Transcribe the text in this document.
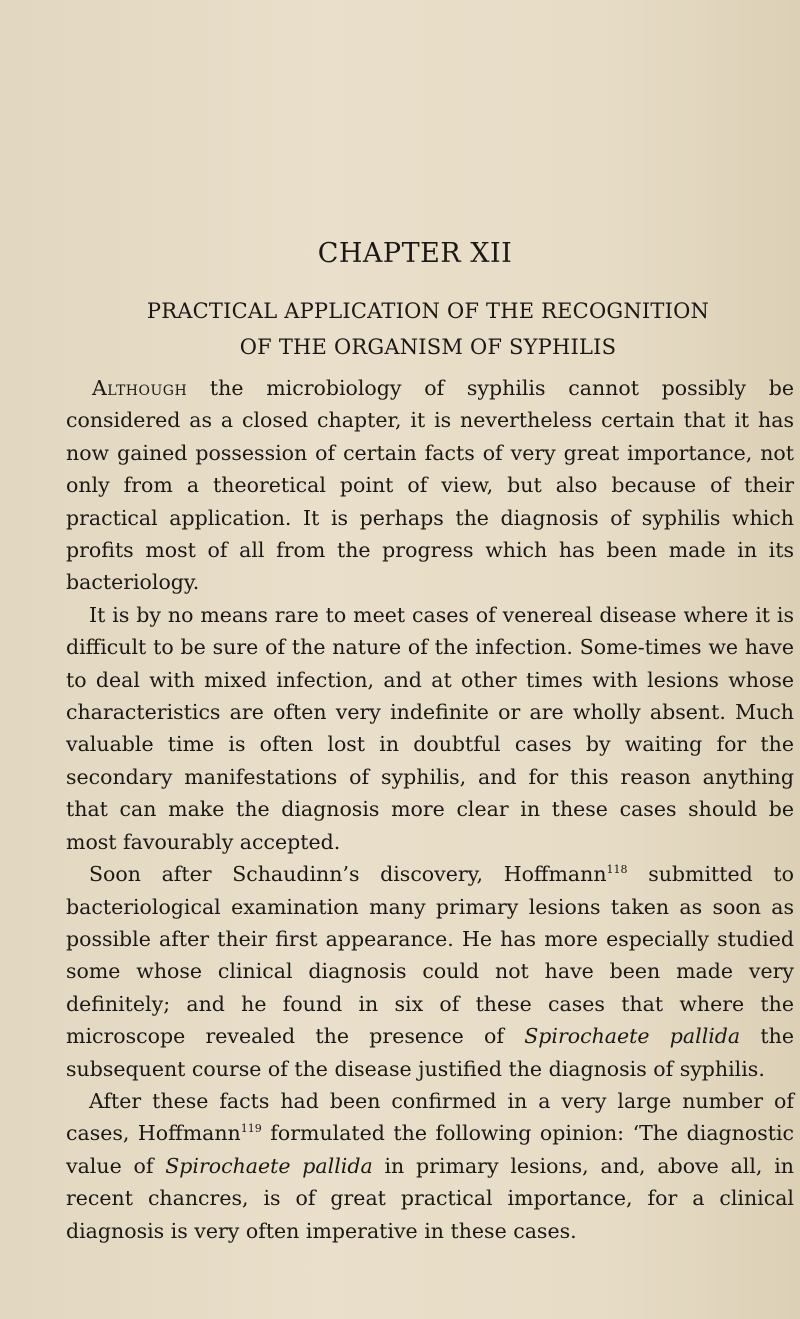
CHAPTER XII
PRACTICAL APPLICATION OF THE RECOGNITION
OF THE ORGANISM OF SYPHILIS

Although the microbiology of syphilis cannot possibly be considered as a closed chapter, it is nevertheless certain that it has now gained possession of certain facts of very great importance, not only from a theoretical point of view, but also because of their practical application. It is perhaps the diagnosis of syphilis which profits most of all from the progress which has been made in its bacteriology.

It is by no means rare to meet cases of venereal disease where it is difficult to be sure of the nature of the infection. Some-times we have to deal with mixed infection, and at other times with lesions whose characteristics are often very indefinite or are wholly absent. Much valuable time is often lost in doubtful cases by waiting for the secondary manifestations of syphilis, and for this reason anything that can make the diagnosis more clear in these cases should be most favourably accepted.

Soon after Schaudinn’s discovery, Hoffmann$^{118}$ submitted to bacteriological examination many primary lesions taken as soon as possible after their first appearance. He has more especially studied some whose clinical diagnosis could not have been made very definitely; and he found in six of these cases that where the microscope revealed the presence of Spirochaete pallida the subsequent course of the disease justified the diagnosis of syphilis.

After these facts had been confirmed in a very large number of cases, Hoffmann$^{119}$ formulated the following opinion: ‘The diagnostic value of Spirochaete pallida in primary lesions, and, above all, in recent chancres, is of great practical importance, for a clinical diagnosis is very often imperative in these cases.
